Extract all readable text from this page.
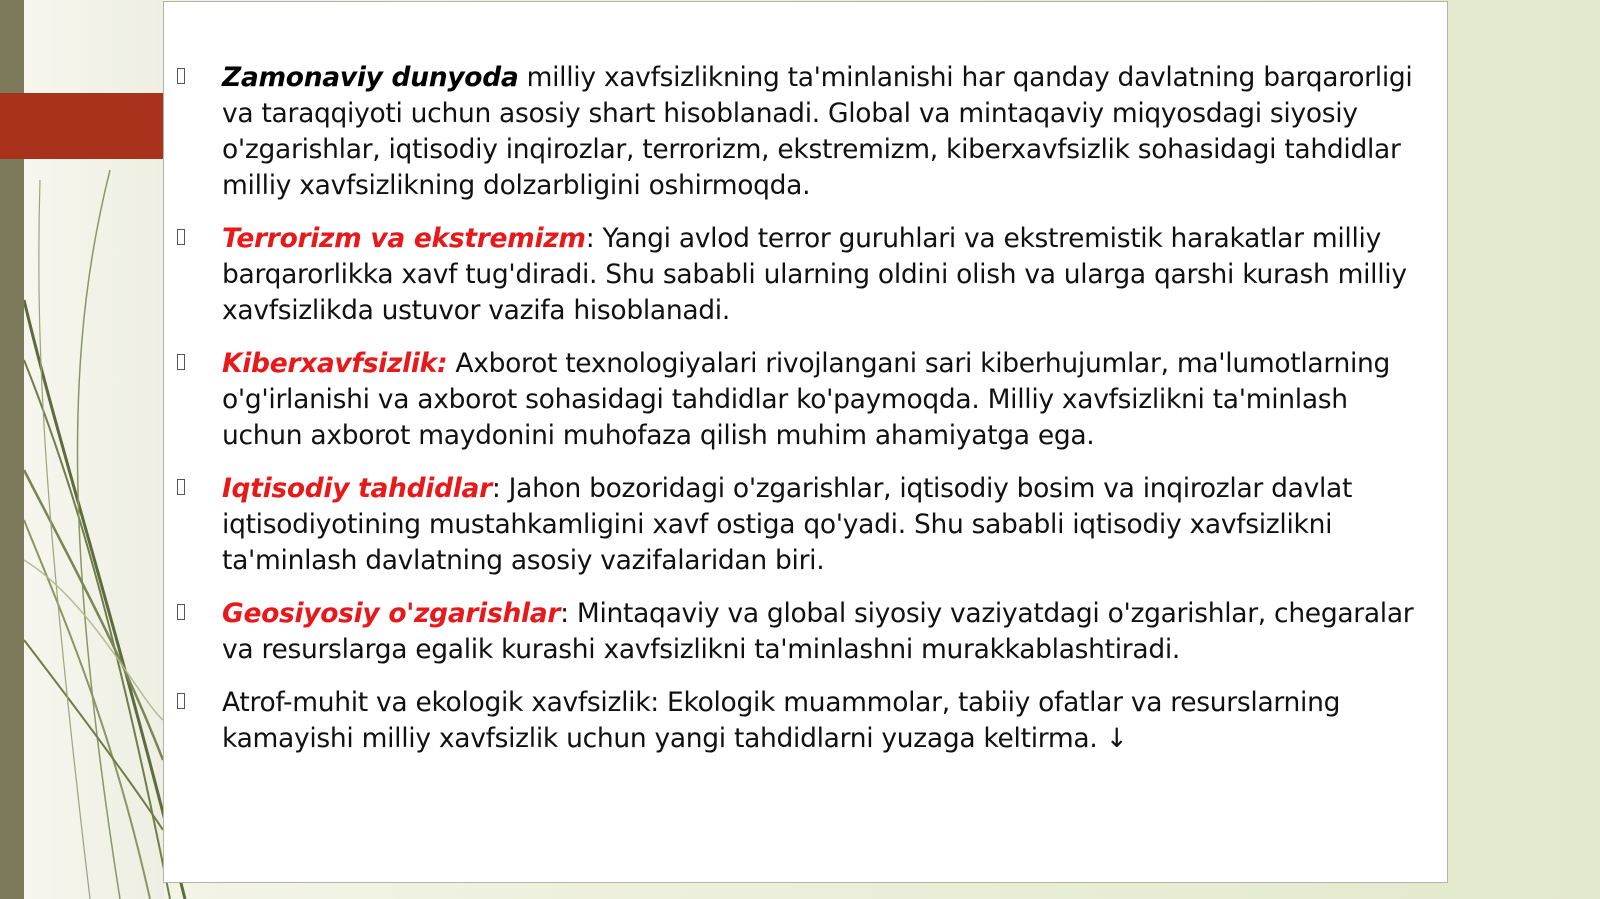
Zamonaviy dunyoda milliy xavfsizlikning ta'minlanishi har qanday davlatning barqarorligi va taraqqiyoti uchun asosiy shart hisoblanadi. Global va mintaqaviy miqyosdagi siyosiy o'zgarishlar, iqtisodiy inqirozlar, terrorizm, ekstremizm, kiberxavfsizlik sohasidagi tahdidlar milliy xavfsizlikning dolzarbligini oshirmoqda.
Terrorizm va ekstremizm: Yangi avlod terror guruhlari va ekstremistik harakatlar milliy barqarorlikka xavf tug'diradi. Shu sababli ularning oldini olish va ularga qarshi kurash milliy xavfsizlikda ustuvor vazifa hisoblanadi.
Kiberxavfsizlik: Axborot texnologiyalari rivojlangani sari kiberhujumlar, ma'lumotlarning o'g'irlanishi va axborot sohasidagi tahdidlar ko'paymoqda. Milliy xavfsizlikni ta'minlash uchun axborot maydonini muhofaza qilish muhim ahamiyatga ega.
Iqtisodiy tahdidlar: Jahon bozoridagi o'zgarishlar, iqtisodiy bosim va inqirozlar davlat iqtisodiyotining mustahkamligini xavf ostiga qo'yadi. Shu sababli iqtisodiy xavfsizlikni ta'minlash davlatning asosiy vazifalaridan biri.
Geosiyosiy o'zgarishlar: Mintaqaviy va global siyosiy vaziyatdagi o'zgarishlar, chegaralar va resurslarga egalik kurashi xavfsizlikni ta'minlashni murakkablashtiradi.
Atrof-muhit va ekologik xavfsizlik: Ekologik muammolar, tabiiy ofatlar va resurslarning kamayishi milliy xavfsizlik uchun yangi tahdidlarni yuzaga keltirma. ↓
